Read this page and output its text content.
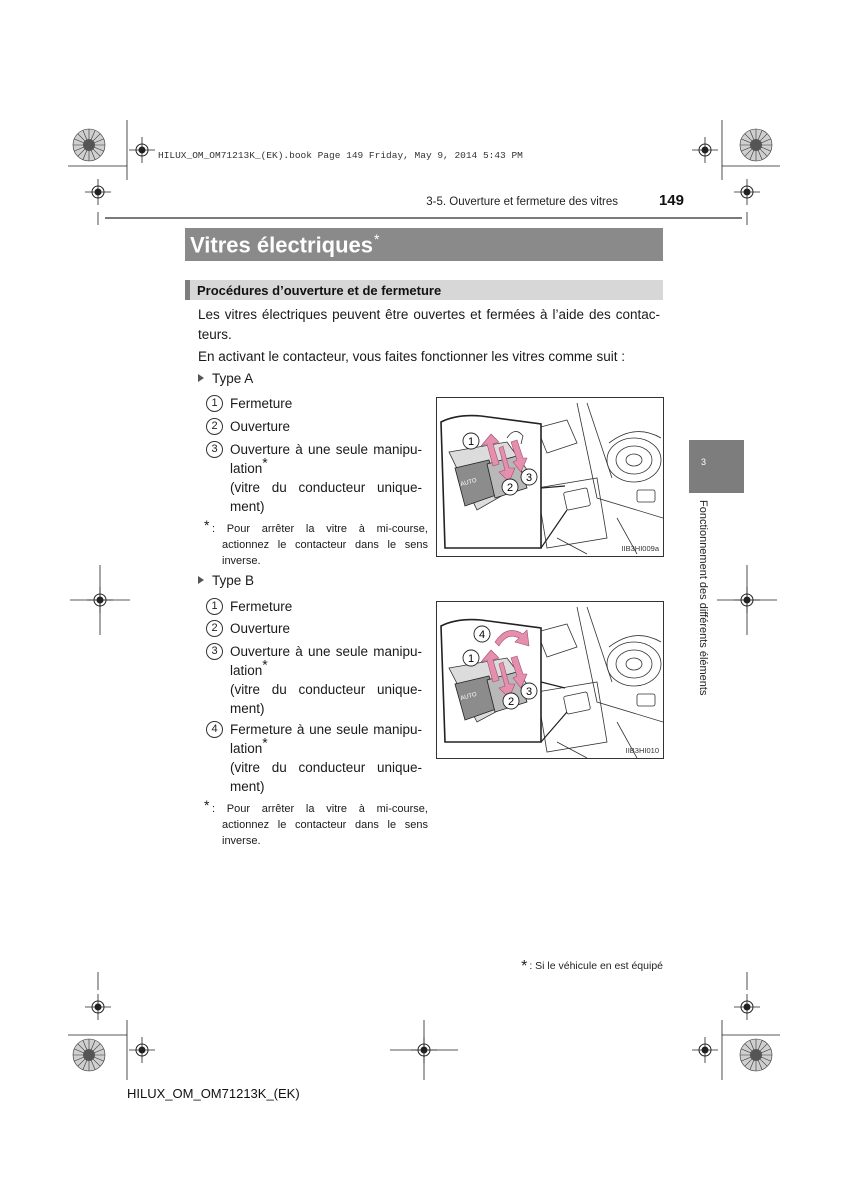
HILUX_OM_OM71213K_(EK).book Page 149 Friday, May 9, 2014 5:43 PM
3-5. Ouverture et fermeture des vitres	149
Vitres électriques*
Procédures d’ouverture et de fermeture
Les vitres électriques peuvent être ouvertes et fermées à l’aide des contac-
teurs.
En activant le contacteur, vous faites fonctionner les vitres comme suit :
Type A
1 Fermeture
2 Ouverture
3 Ouverture à une seule manipu-
lation*
(vitre du conducteur unique-
ment)
* : Pour arrêter la vitre à mi-course,
actionnez le contacteur dans le sens
inverse.
AUTO
1
2
3
IIB3HI009a
Type B
1 Fermeture
2 Ouverture
3 Ouverture à une seule manipu-
lation*
(vitre du conducteur unique-
ment)
4 Fermeture à une seule manipu-
lation*
(vitre du conducteur unique-
ment)
* : Pour arrêter la vitre à mi-course,
actionnez le contacteur dans le sens
inverse.
AUTO
4
1
2
3
IIB3HI010
3
Fonctionnement des différents éléments
* : Si le véhicule en est équipé
HILUX_OM_OM71213K_(EK)
